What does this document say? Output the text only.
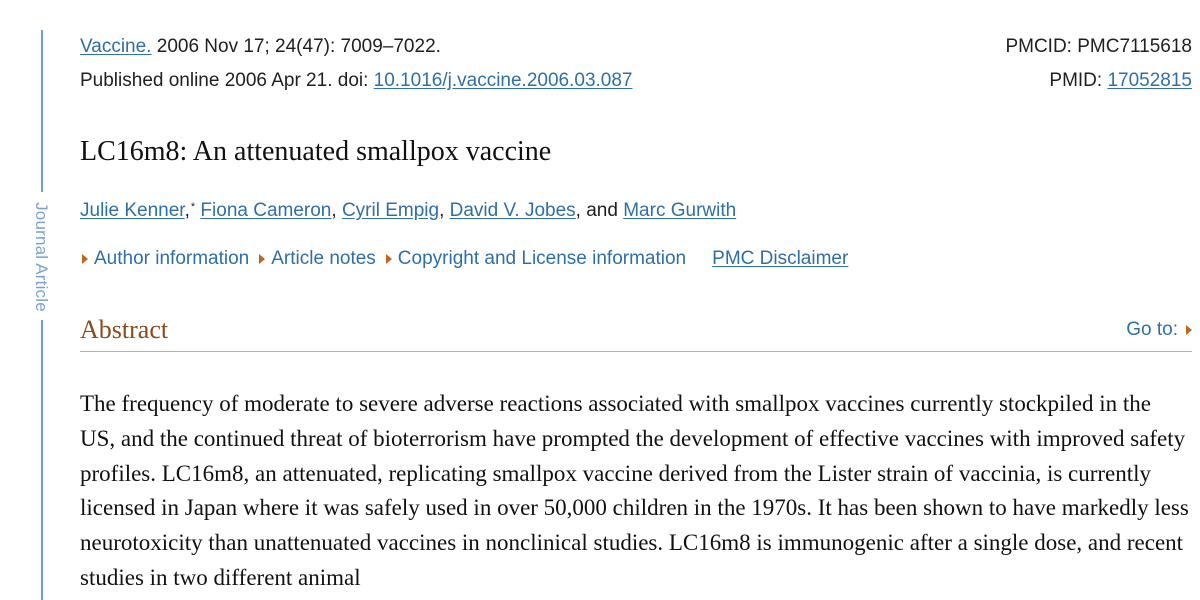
Journal Article
Vaccine. 2006 Nov 17; 24(47): 7009–7022.	PMCID: PMC7115618
Published online 2006 Apr 21. doi: 10.1016/j.vaccine.2006.03.087	PMID: 17052815
LC16m8: An attenuated smallpox vaccine
Julie Kenner,* Fiona Cameron, Cyril Empig, David V. Jobes, and Marc Gurwith
Author information Article notes Copyright and License information PMC Disclaimer
Abstract	Go to:

The frequency of moderate to severe adverse reactions associated with smallpox vaccines currently stockpiled in the US, and the continued threat of bioterrorism have prompted the development of effective vaccines with improved safety profiles. LC16m8, an attenuated, replicating smallpox vaccine derived from the Lister strain of vaccinia, is currently licensed in Japan where it was safely used in over 50,000 children in the 1970s. It has been shown to have markedly less neurotoxicity than unattenuated vaccines in nonclinical studies. LC16m8 is immunogenic after a single dose, and recent studies in two different animal
